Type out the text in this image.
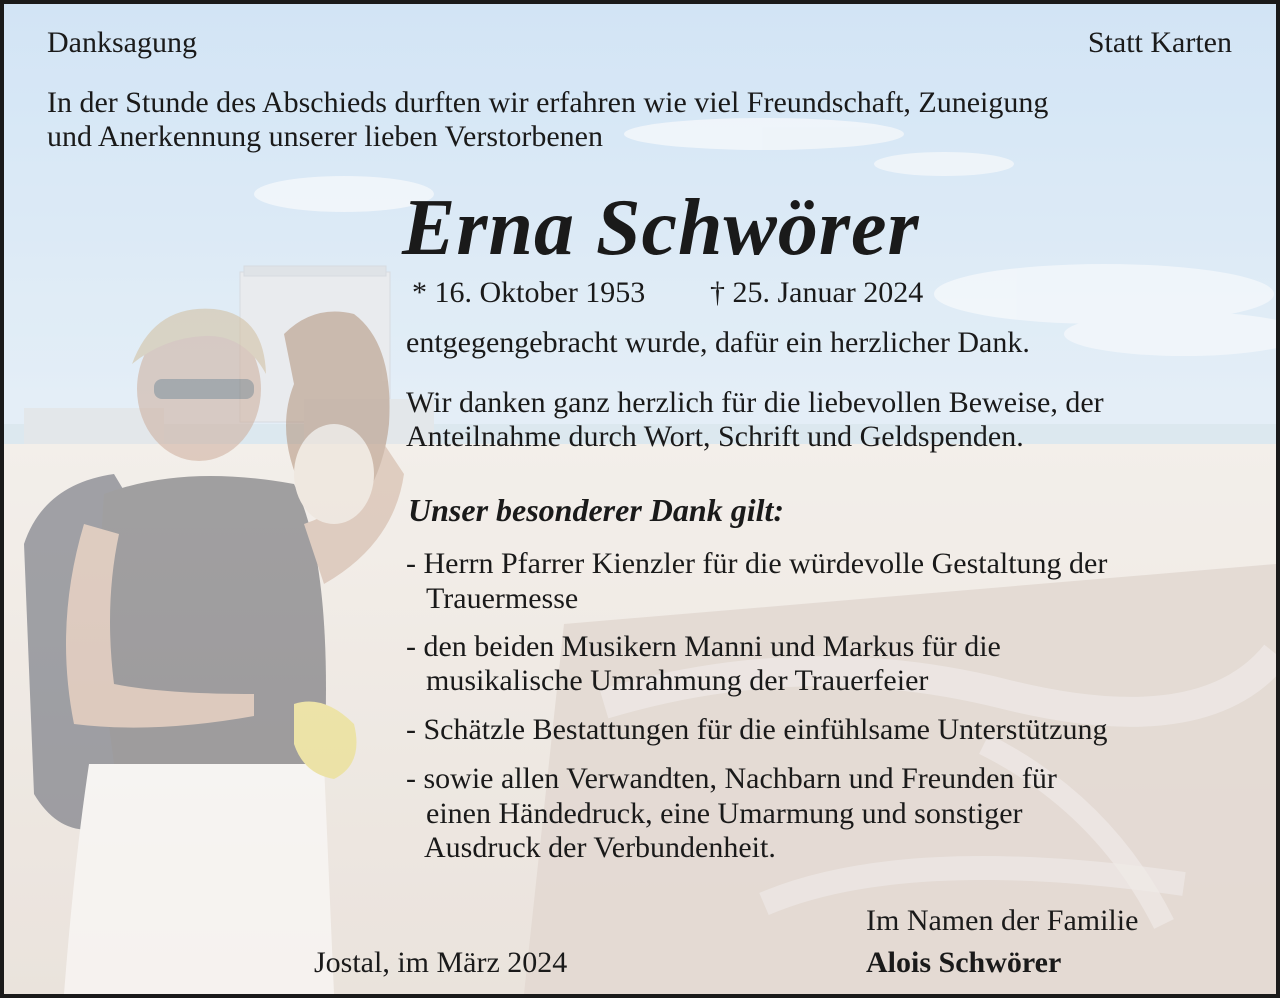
Danksagung	Statt Karten
In der Stunde des Abschieds durften wir erfahren wie viel Freundschaft, Zuneigung
und Anerkennung unserer lieben Verstorbenen
Erna Schwörer
* 16. Oktober 1953 † 25. Januar 2024
entgegengebracht wurde, dafür ein herzlicher Dank.
Wir danken ganz herzlich für die liebevollen Beweise, der
Anteilnahme durch Wort, Schrift und Geldspenden.
Unser besonderer Dank gilt:
- Herrn Pfarrer Kienzler für die würdevolle Gestaltung der
Trauermesse
- den beiden Musikern Manni und Markus für die
musikalische Umrahmung der Trauerfeier
- Schätzle Bestattungen für die einfühlsame Unterstützung
- sowie allen Verwandten, Nachbarn und Freunden für
einen Händedruck, eine Umarmung und sonstiger
Ausdruck der Verbundenheit.
Im Namen der Familie
Jostal, im März 2024	Alois Schwörer
